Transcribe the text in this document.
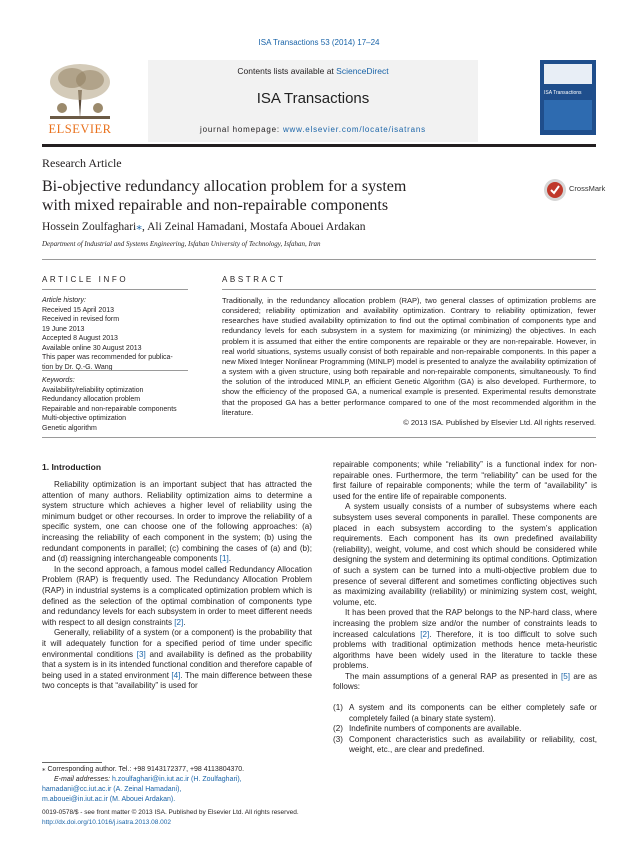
ISA Transactions 53 (2014) 17–24
ELSEVIER
Contents lists available at ScienceDirect
ISA Transactions
journal homepage: www.elsevier.com/locate/isatrans
ISA Transactions
Research Article
Bi-objective redundancy allocation problem for a system
with mixed repairable and non-repairable components
CrossMark
Hossein Zoulfaghari⁎, Ali Zeinal Hamadani, Mostafa Abouei Ardakan
Department of Industrial and Systems Engineering, Isfahan University of Technology, Isfahan, Iran
ARTICLE INFO
Article history:
Received 15 April 2013
Received in revised form
19 June 2013
Accepted 8 August 2013
Available online 30 August 2013
This paper was recommended for publica-
tion by Dr. Q.-G. Wang
Keywords:
Availability/reliability optimization
Redundancy allocation problem
Repairable and non-repairable components
Multi-objective optimization
Genetic algorithm
ABSTRACT
Traditionally, in the redundancy allocation problem (RAP), two general classes of optimization problems are considered; reliability optimization and availability optimization. Contrary to reliability optimization, fewer researches have studied availability optimization to find out the optimal combination of components type and redundancy levels for each subsystem in a system for maximizing (or minimizing) the objectives. In each problem it is assumed that either the entire components are repairable or they are non-repairable. However, in real world situations, systems usually consist of both repairable and non-repairable components. In this paper a new Mixed Integer Nonlinear Programming (MINLP) model is presented to analyze the availability optimization of a system with a given structure, using both repairable and non-repairable components, simultaneously. To find the solution of the introduced MINLP, an efficient Genetic Algorithm (GA) is also developed. Furthermore, to show the efficiency of the proposed GA, a numerical example is presented. Experimental results demonstrate that the proposed GA has a better performance compared to one of the most recommended algorithm in the literature.
© 2013 ISA. Published by Elsevier Ltd. All rights reserved.
1. Introduction

Reliability optimization is an important subject that has attracted the attention of many authors. Reliability optimization aims to determine a system structure which achieves a higher level of reliability using the minimum budget or other recourses. In order to improve the reliability of a specific system, one can choose one of the following approaches: (a) increasing the reliability of each component in the system; (b) using the redundant components in parallel; (c) combining the cases of (a) and (b); and (d) reassigning interchangeable components [1].

In the second approach, a famous model called Redundancy Allocation Problem (RAP) is frequently used. The Redundancy Allocation Problem (RAP) in industrial systems is a complicated optimization problem which is defined as the selection of the optimal combination of components type and redundancy levels for each subsystem in order to meet different needs with respect to all design constraints [2].

Generally, reliability of a system (or a component) is the probability that it will adequately function for a specified period of time under specific environmental conditions [3] and availability is defined as the probability that a system is in its intended functional condition and therefore capable of being used in a stated environment [4]. The main difference between these two concepts is that “availability” is used for

repairable components; while “reliability” is a functional index for non-repairable ones. Furthermore, the term “reliability” can be used for the first failure of repairable components; while the term of “availability” is used for the entire life of repairable components.

A system usually consists of a number of subsystems where each subsystem uses several components in parallel. These components are placed in each subsystem according to the system’s application requirements. Each component has its own predefined availability (reliability), weight, volume, and cost which should be considered while designing the system and determining its optimal conditions. Optimization of such a system can be turned into a multi-objective problem due to presence of several different and sometimes conflicting objectives such as maximizing availability (reliability) or minimizing system cost, weight, volume, etc.

It has been proved that the RAP belongs to the NP-hard class, where increasing the problem size and/or the number of constraints leads to increased calculations [2]. Therefore, it is too difficult to solve such problems with traditional optimization methods hence meta-heuristic algorithms have been widely used in the literature to tackle these problems.

The main assumptions of a general RAP as presented in [5] are as follows:

(1) A system and its components can be either completely safe or completely failed (a binary state system).
(2) Indefinite numbers of components are available.
(3) Component characteristics such as availability or reliability, cost, weight, etc., are clear and predefined.
⁎ Corresponding author. Tel.: +98 9143172377, +98 4113804370.
E-mail addresses: h.zoulfaghari@in.iut.ac.ir (H. Zoulfaghari),
hamadani@cc.iut.ac.ir (A. Zeinal Hamadani),
m.abouei@in.iut.ac.ir (M. Abouei Ardakan).
0019-0578/$ - see front matter © 2013 ISA. Published by Elsevier Ltd. All rights reserved.
http://dx.doi.org/10.1016/j.isatra.2013.08.002
